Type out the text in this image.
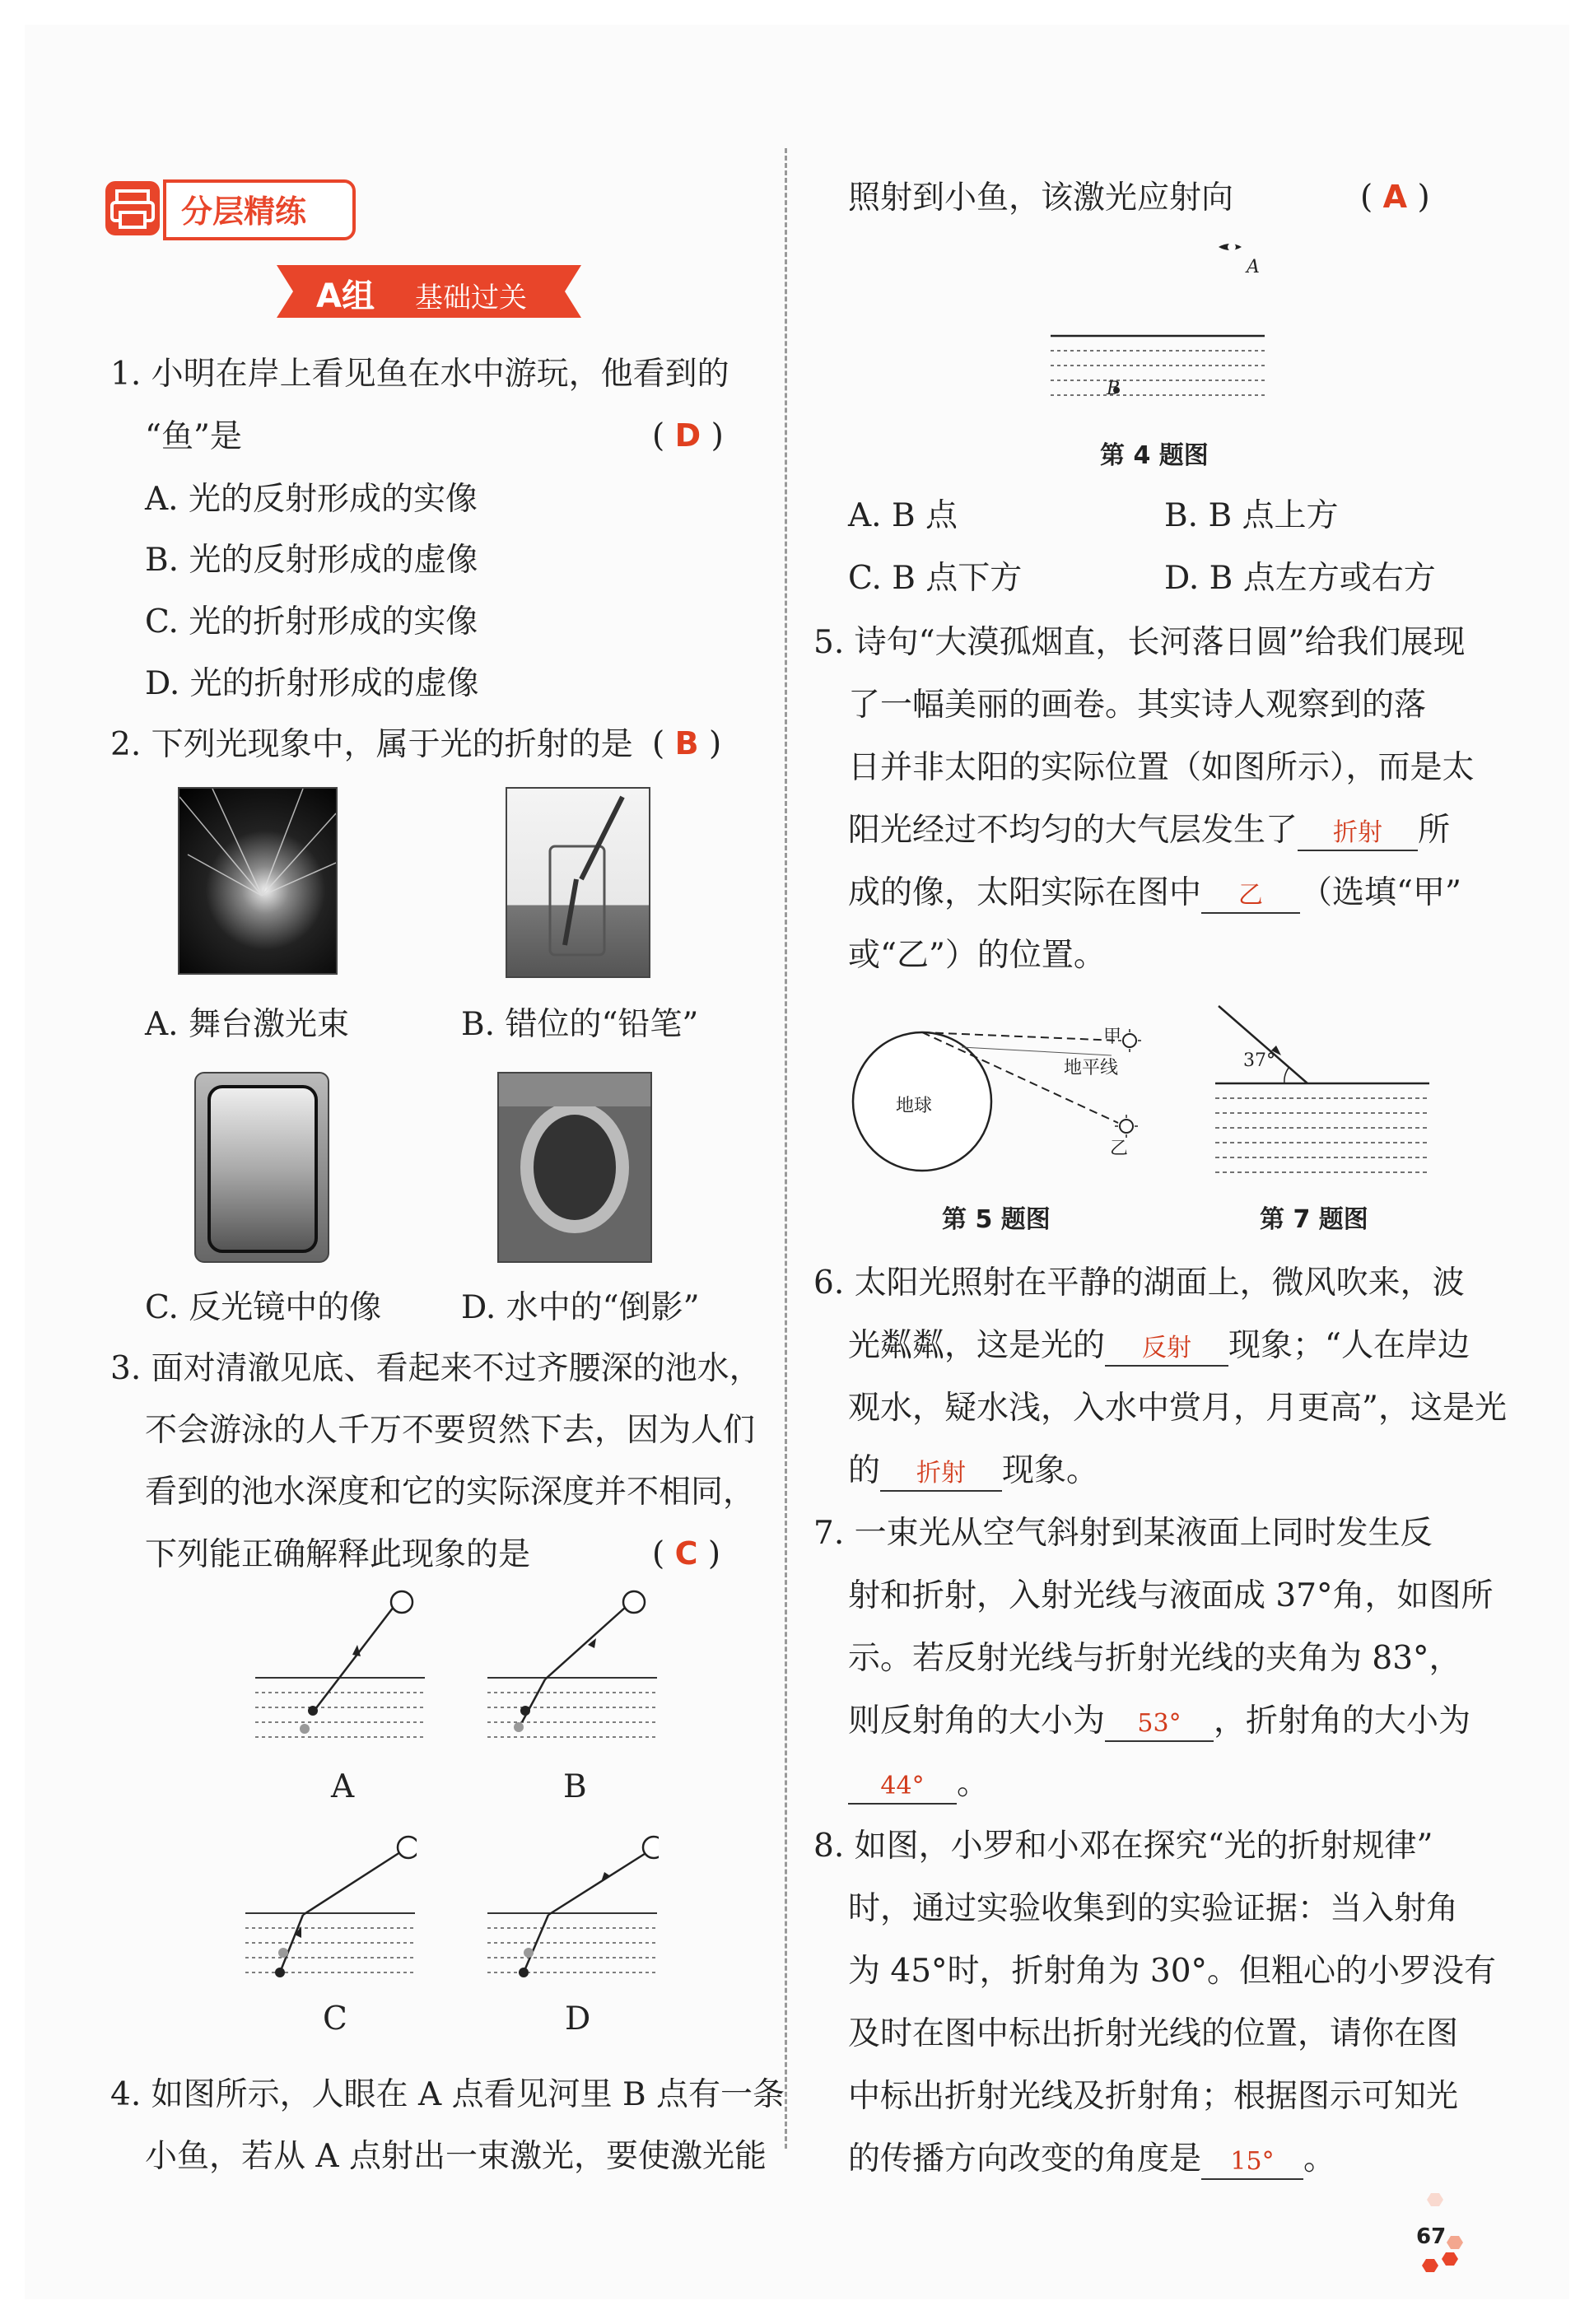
分层精练
A组 基础过关
1. 小明在岸上看见鱼在水中游玩，他看到的
“鱼”是	( D )
A. 光的反射形成的实像
B. 光的反射形成的虚像
C. 光的折射形成的实像
D. 光的折射形成的虚像
2. 下列光现象中，属于光的折射的是 ( B )
A. 舞台激光束	B. 错位的“铅笔”
C. 反光镜中的像 D. 水中的“倒影”
3. 面对清澈见底、看起来不过齐腰深的池水，
不会游泳的人千万不要贸然下去，因为人们
看到的池水深度和它的实际深度并不相同，
下列能正确解释此现象的是	( C )
A	B
C	D
4. 如图所示，人眼在 A 点看见河里 B 点有一条
小鱼，若从 A 点射出一束激光，要使激光能
照射到小鱼，该激光应射向	( A )
A
B
第 4 题图
A. B 点	B. B 点上方
C. B 点下方	D. B 点左方或右方
5. 诗句“大漠孤烟直，长河落日圆”给我们展现
了一幅美丽的画卷。其实诗人观察到的落
日并非太阳的实际位置（如图所示），而是太
阳光经过不均匀的大气层发生了 折射 所
成的像，太阳实际在图中 乙 （选填“甲”
或“乙”）的位置。
地球
地平线
甲
乙
第 5 题图
37°
第 7 题图
6. 太阳光照射在平静的湖面上，微风吹来，波
光粼粼，这是光的 反射 现象；“人在岸边
观水，疑水浅，入水中赏月，月更高”，这是光
的 折射 现象。
7. 一束光从空气斜射到某液面上同时发生反
射和折射，入射光线与液面成 37°角，如图所
示。若反射光线与折射光线的夹角为 83°，
则反射角的大小为 53° ，折射角的大小为
44° 。
8. 如图，小罗和小邓在探究“光的折射规律”
时，通过实验收集到的实验证据：当入射角
为 45°时，折射角为 30°。但粗心的小罗没有
及时在图中标出折射光线的位置，请你在图
中标出折射光线及折射角；根据图示可知光
的传播方向改变的角度是 15° 。
67
